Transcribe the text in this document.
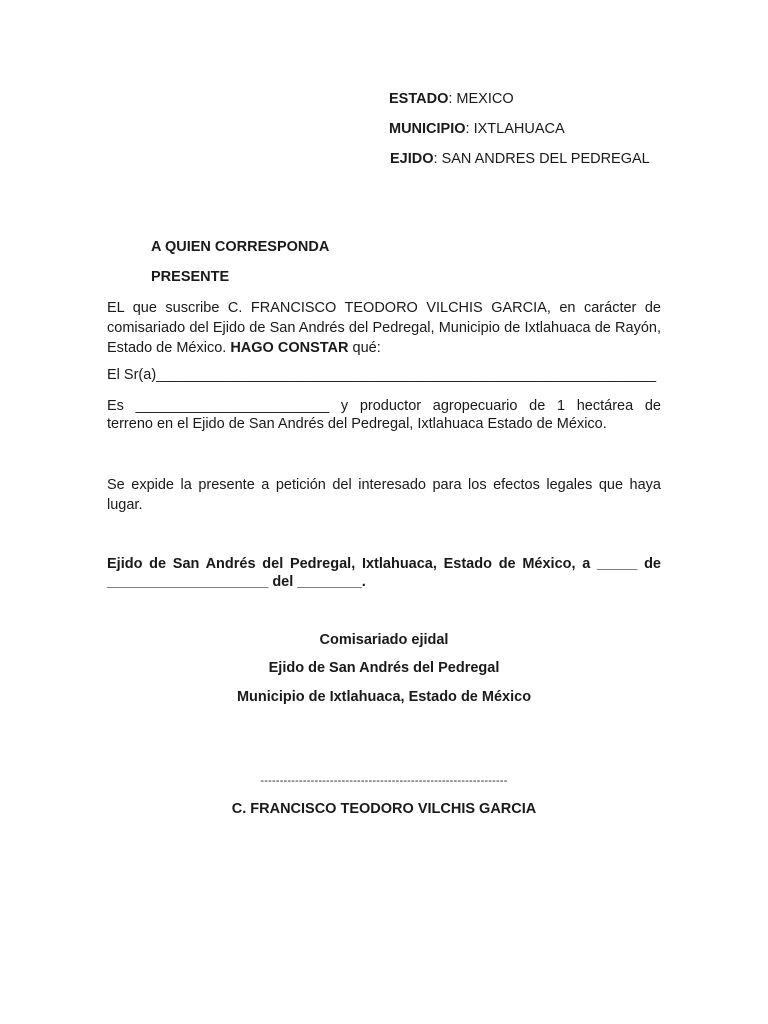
ESTADO: MEXICO
MUNICIPIO: IXTLAHUACA
EJIDO: SAN ANDRES DEL PEDREGAL
A QUIEN CORRESPONDA
PRESENTE
EL que suscribe C. FRANCISCO TEODORO VILCHIS GARCIA, en carácter de comisariado del Ejido de San Andrés del Pedregal, Municipio de Ixtlahuaca de Rayón, Estado de México. HAGO CONSTAR qué:
El Sr(a)______________________________________________________________
Es ________________________ y productor agropecuario de 1 hectárea de
terreno en el Ejido de San Andrés del Pedregal, Ixtlahuaca Estado de México.
Se expide la presente a petición del interesado para los efectos legales que haya lugar.
Ejido de San Andrés del Pedregal, Ixtlahuaca, Estado de México, a _____ de
____________________ del ________.
Comisariado ejidal
Ejido de San Andrés del Pedregal
Municipio de Ixtlahuaca, Estado de México
----------------------------------------------------------------
C. FRANCISCO TEODORO VILCHIS GARCIA
